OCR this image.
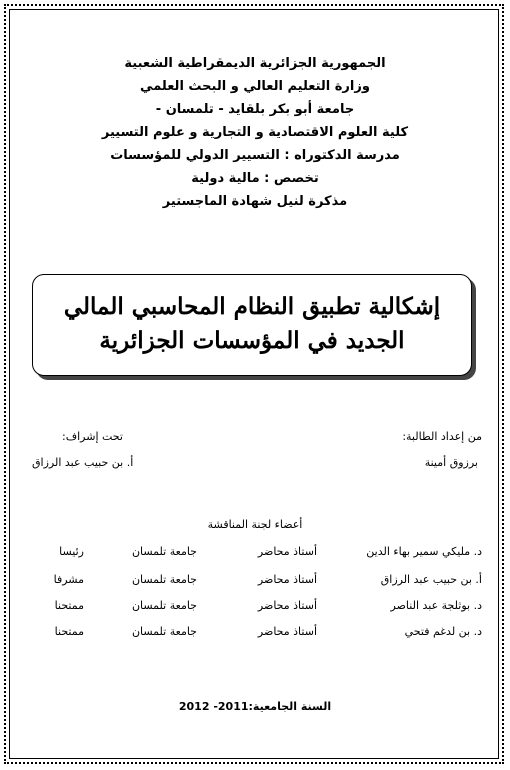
الجمهورية الجزائرية الديمقراطية الشعبية
وزارة التعليم العالي و البحث العلمي
جامعة أبو بكر بلقايد - تلمسان -
كلية العلوم الاقتصادية و التجارية و علوم التسيير
مدرسة الدكتوراه : التسيير الدولي للمؤسسات
تخصص : مالية دولية
مذكرة لنيل شهادة الماجستير
إشكالية تطبيق النظام المحاسبي المالي
الجديد في المؤسسات الجزائرية
من إعداد الطالبة:
برزوق أمينة
تحت إشراف:
أ. بن حبيب عبد الرزاق
أعضاء لجنة المناقشة
د. مليكي سمير بهاء الدين
أستاذ محاضر
جامعة تلمسان
رئيسا
أ. بن حبيب عبد الرزاق
أستاذ محاضر
جامعة تلمسان
مشرفا
د. بوثلجة عبد الناصر
أستاذ محاضر
جامعة تلمسان
ممتحنا
د. بن لدغم فتحي
أستاذ محاضر
جامعة تلمسان
ممتحنا
السنة الجامعية:2011- 2012
